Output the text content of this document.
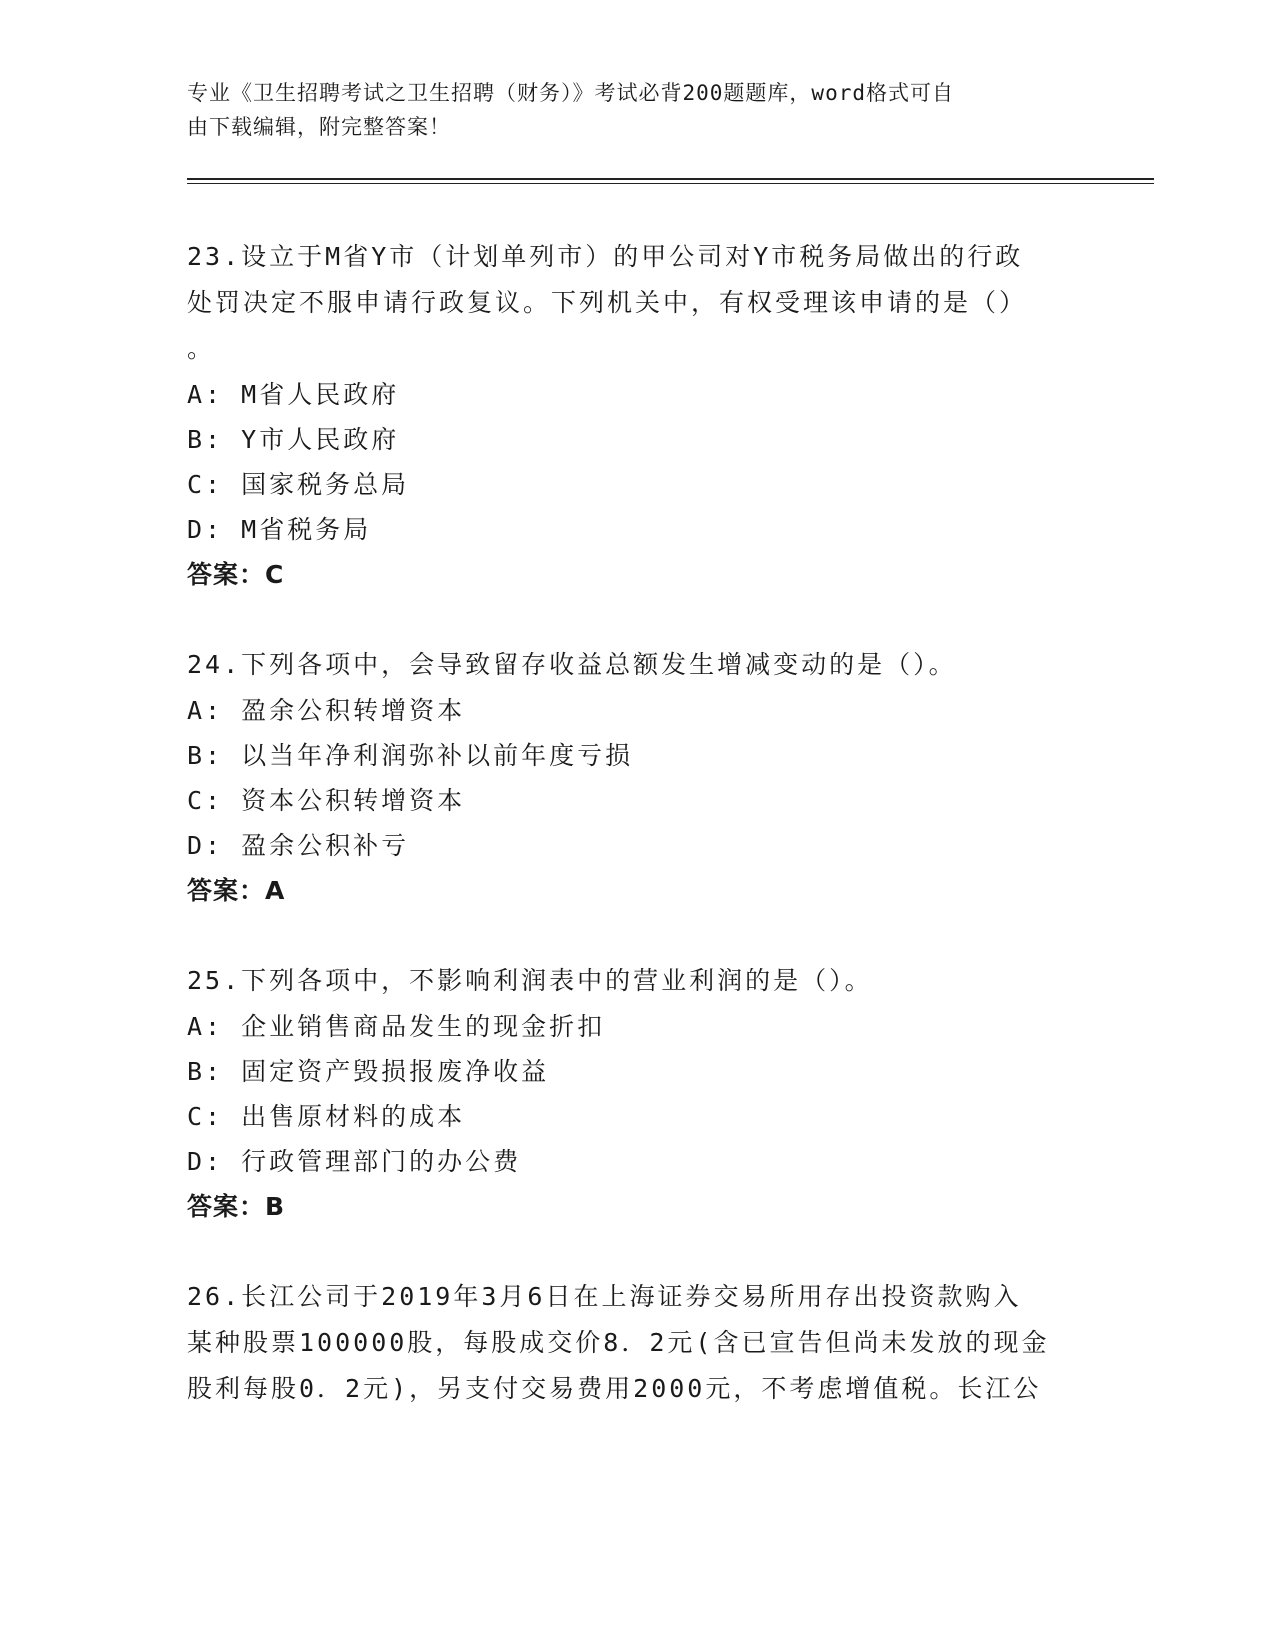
专业《卫生招聘考试之卫生招聘（财务）》考试必背200题题库，word格式可自
由下载编辑，附完整答案！
23.设立于M省Y市（计划单列市）的甲公司对Y市税务局做出的行政
处罚决定不服申请行政复议。下列机关中，有权受理该申请的是（）
。
A: M省人民政府
B: Y市人民政府
C: 国家税务总局
D: M省税务局
答案：C
24.下列各项中，会导致留存收益总额发生增减变动的是（）。
A: 盈余公积转增资本
B: 以当年净利润弥补以前年度亏损
C: 资本公积转增资本
D: 盈余公积补亏
答案：A
25.下列各项中，不影响利润表中的营业利润的是（）。
A: 企业销售商品发生的现金折扣
B: 固定资产毁损报废净收益
C: 出售原材料的成本
D: 行政管理部门的办公费
答案：B
26.长江公司于2019年3月6日在上海证券交易所用存出投资款购入
某种股票100000股，每股成交价8．2元(含已宣告但尚未发放的现金
股利每股0．2元)，另支付交易费用2000元，不考虑增值税。长江公
